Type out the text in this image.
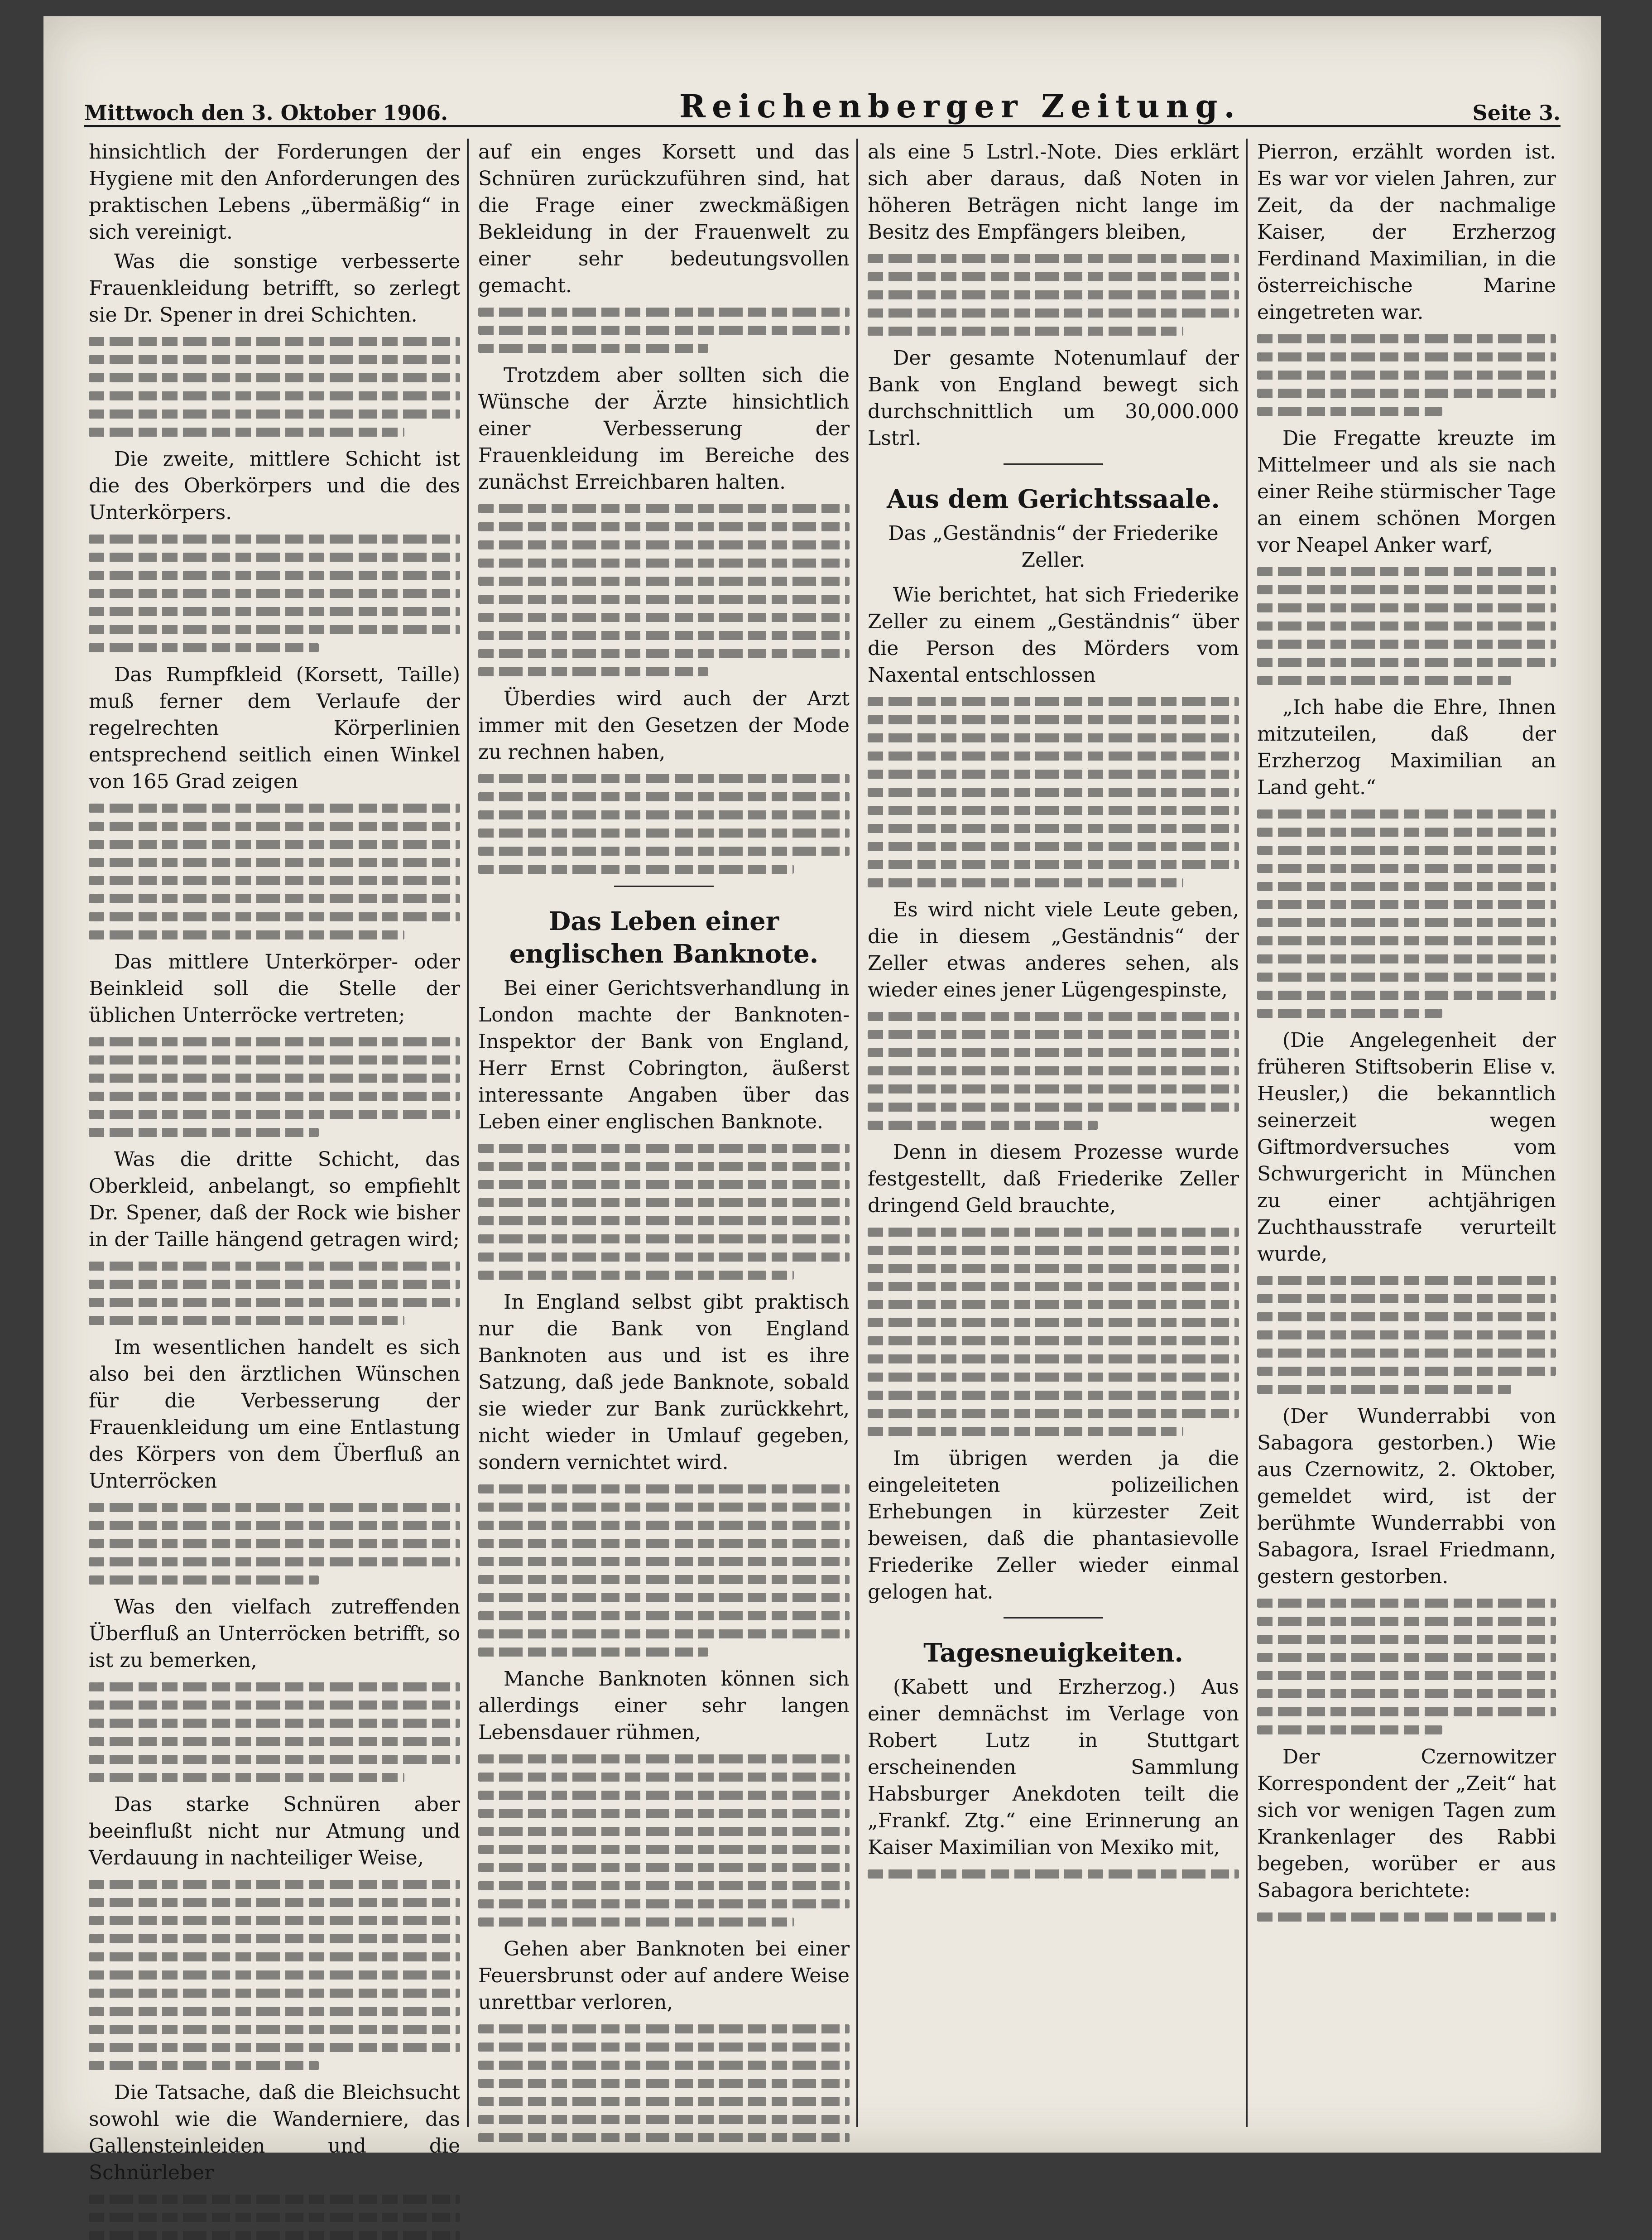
Mittwoch den 3. Oktober 1906.	Reichenberger Zeitung.	Seite 3.

hinsichtlich der Forderungen der Hygiene mit den Anforderungen des praktischen Lebens „übermäßig“ in sich vereinigt.

Was die sonstige verbesserte Frauenkleidung betrifft, so zerlegt sie Dr. Spener in drei Schichten.

Die zweite, mittlere Schicht ist die des Oberkörpers und die des Unterkörpers.

Das Rumpfkleid (Korsett, Taille) muß ferner dem Verlaufe der regelrechten Körperlinien entsprechend seitlich einen Winkel von 165 Grad zeigen

Das mittlere Unterkörper- oder Beinkleid soll die Stelle der üblichen Unterröcke vertreten;

Was die dritte Schicht, das Oberkleid, anbelangt, so empfiehlt Dr. Spener, daß der Rock wie bisher in der Taille hängend getragen wird;

Im wesentlichen handelt es sich also bei den ärztlichen Wünschen für die Verbesserung der Frauenkleidung um eine Entlastung des Körpers von dem Überfluß an Unterröcken

Was den vielfach zutreffenden Überfluß an Unterröcken betrifft, so ist zu bemerken,

Das starke Schnüren aber beeinflußt nicht nur Atmung und Verdauung in nachteiliger Weise,

Die Tatsache, daß die Bleichsucht sowohl wie die Wanderniere, das Gallensteinleiden und die Schnürleber

auf ein enges Korsett und das Schnüren zurückzuführen sind, hat die Frage einer zweckmäßigen Bekleidung in der Frauenwelt zu einer sehr bedeutungsvollen gemacht.

Trotzdem aber sollten sich die Wünsche der Ärzte hinsichtlich einer Verbesserung der Frauenkleidung im Bereiche des zunächst Erreichbaren halten.

Überdies wird auch der Arzt immer mit den Gesetzen der Mode zu rechnen haben,

Das Leben einer englischen Banknote.

Bei einer Gerichtsverhandlung in London machte der Banknoten-Inspektor der Bank von England, Herr Ernst Cobrington, äußerst interessante Angaben über das Leben einer englischen Banknote.

In England selbst gibt praktisch nur die Bank von England Banknoten aus und ist es ihre Satzung, daß jede Banknote, sobald sie wieder zur Bank zurückkehrt, nicht wieder in Umlauf gegeben, sondern vernichtet wird.

Manche Banknoten können sich allerdings einer sehr langen Lebensdauer rühmen,

Gehen aber Banknoten bei einer Feuersbrunst oder auf andere Weise unrettbar verloren,

als eine 5 Lstrl.-Note. Dies erklärt sich aber daraus, daß Noten in höheren Beträgen nicht lange im Besitz des Empfängers bleiben,

Der gesamte Notenumlauf der Bank von England bewegt sich durchschnittlich um 30,000.000 Lstrl.

Aus dem Gerichtssaale.
Das „Geständnis“ der Friederike Zeller.

Wie berichtet, hat sich Friederike Zeller zu einem „Geständnis“ über die Person des Mörders vom Naxental entschlossen

Es wird nicht viele Leute geben, die in diesem „Geständnis“ der Zeller etwas anderes sehen, als wieder eines jener Lügengespinste,

Denn in diesem Prozesse wurde festgestellt, daß Friederike Zeller dringend Geld brauchte,

Im übrigen werden ja die eingeleiteten polizeilichen Erhebungen in kürzester Zeit beweisen, daß die phantasievolle Friederike Zeller wieder einmal gelogen hat.

Tagesneuigkeiten.

(Kabett und Erzherzog.) Aus einer demnächst im Verlage von Robert Lutz in Stuttgart erscheinenden Sammlung Habsburger Anekdoten teilt die „Frankf. Ztg.“ eine Erinnerung an Kaiser Maximilian von Mexiko mit,

Pierron, erzählt worden ist. Es war vor vielen Jahren, zur Zeit, da der nachmalige Kaiser, der Erzherzog Ferdinand Maximilian, in die österreichische Marine eingetreten war.

Die Fregatte kreuzte im Mittelmeer und als sie nach einer Reihe stürmischer Tage an einem schönen Morgen vor Neapel Anker warf,

„Ich habe die Ehre, Ihnen mitzuteilen, daß der Erzherzog Maximilian an Land geht.“

(Die Angelegenheit der früheren Stiftsoberin Elise v. Heusler,) die bekanntlich seinerzeit wegen Giftmordversuches vom Schwurgericht in München zu einer achtjährigen Zuchthausstrafe verurteilt wurde,

(Der Wunderrabbi von Sabagora gestorben.) Wie aus Czernowitz, 2. Oktober, gemeldet wird, ist der berühmte Wunderrabbi von Sabagora, Israel Friedmann, gestern gestorben.

Der Czernowitzer Korrespondent der „Zeit“ hat sich vor wenigen Tagen zum Krankenlager des Rabbi begeben, worüber er aus Sabagora berichtete:
